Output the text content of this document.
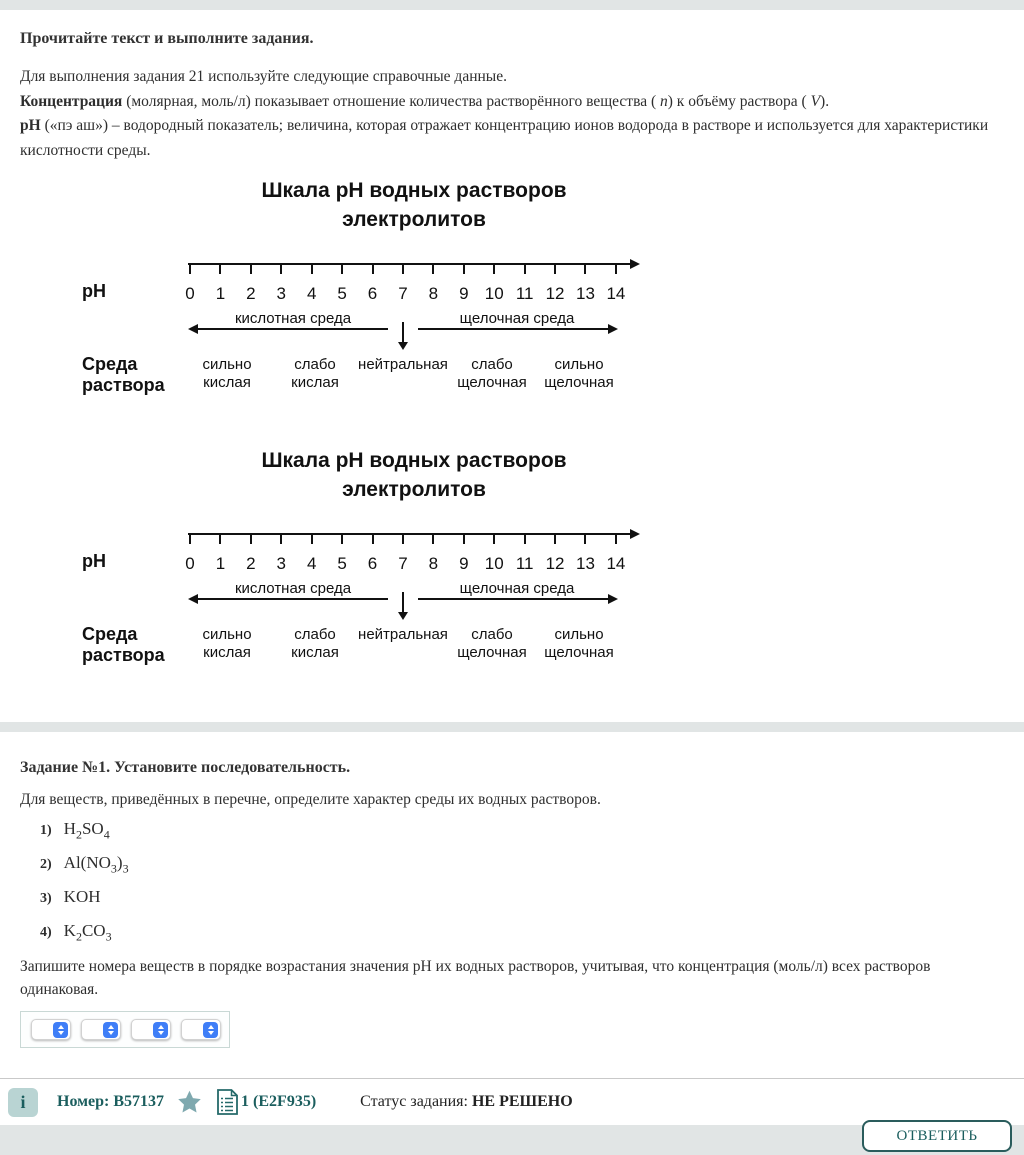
Прочитайте текст и выполните задания.

Для выполнения задания 21 используйте следующие справочные данные.
Концентрация (молярная, моль/л) показывает отношение количества растворённого вещества ( n) к объёму раствора ( V).
pH («пэ аш») – водородный показатель; величина, которая отражает концентрацию ионов водорода в растворе и используется для характеристики кислотности среды.

Шкала pH водных растворов
электролитов
0 1 2 3 4 5 6 7 8 9 10 11 12 13 14
pH
кислотная среда	щелочная среда
Среда
раствора
сильно
кислая
слабо
кислая
нейтральная	слабо
щелочная
сильно
щелочная
Шкала pH водных растворов
электролитов
0 1 2 3 4 5 6 7 8 9 10 11 12 13 14
pH
кислотная среда	щелочная среда
Среда
раствора
сильно
кислая
слабо
кислая
нейтральная	слабо
щелочная
сильно
щелочная
Задание №1. Установите последовательность.

Для веществ, приведённых в перечне, определите характер среды их водных растворов.

1) $H_2SO_4$
2) $Al(NO_3)_3$
3) KOH
4) $K_2CO_3$

Запишите номера веществ в порядке возрастания значения pH их водных растворов, учитывая, что концентрация (моль/л) всех растворов одинаковая.

i	Номер: B57137	1 (E2F935)	Статус задания: НЕ РЕШЕНО
ОТВЕТИТЬ
